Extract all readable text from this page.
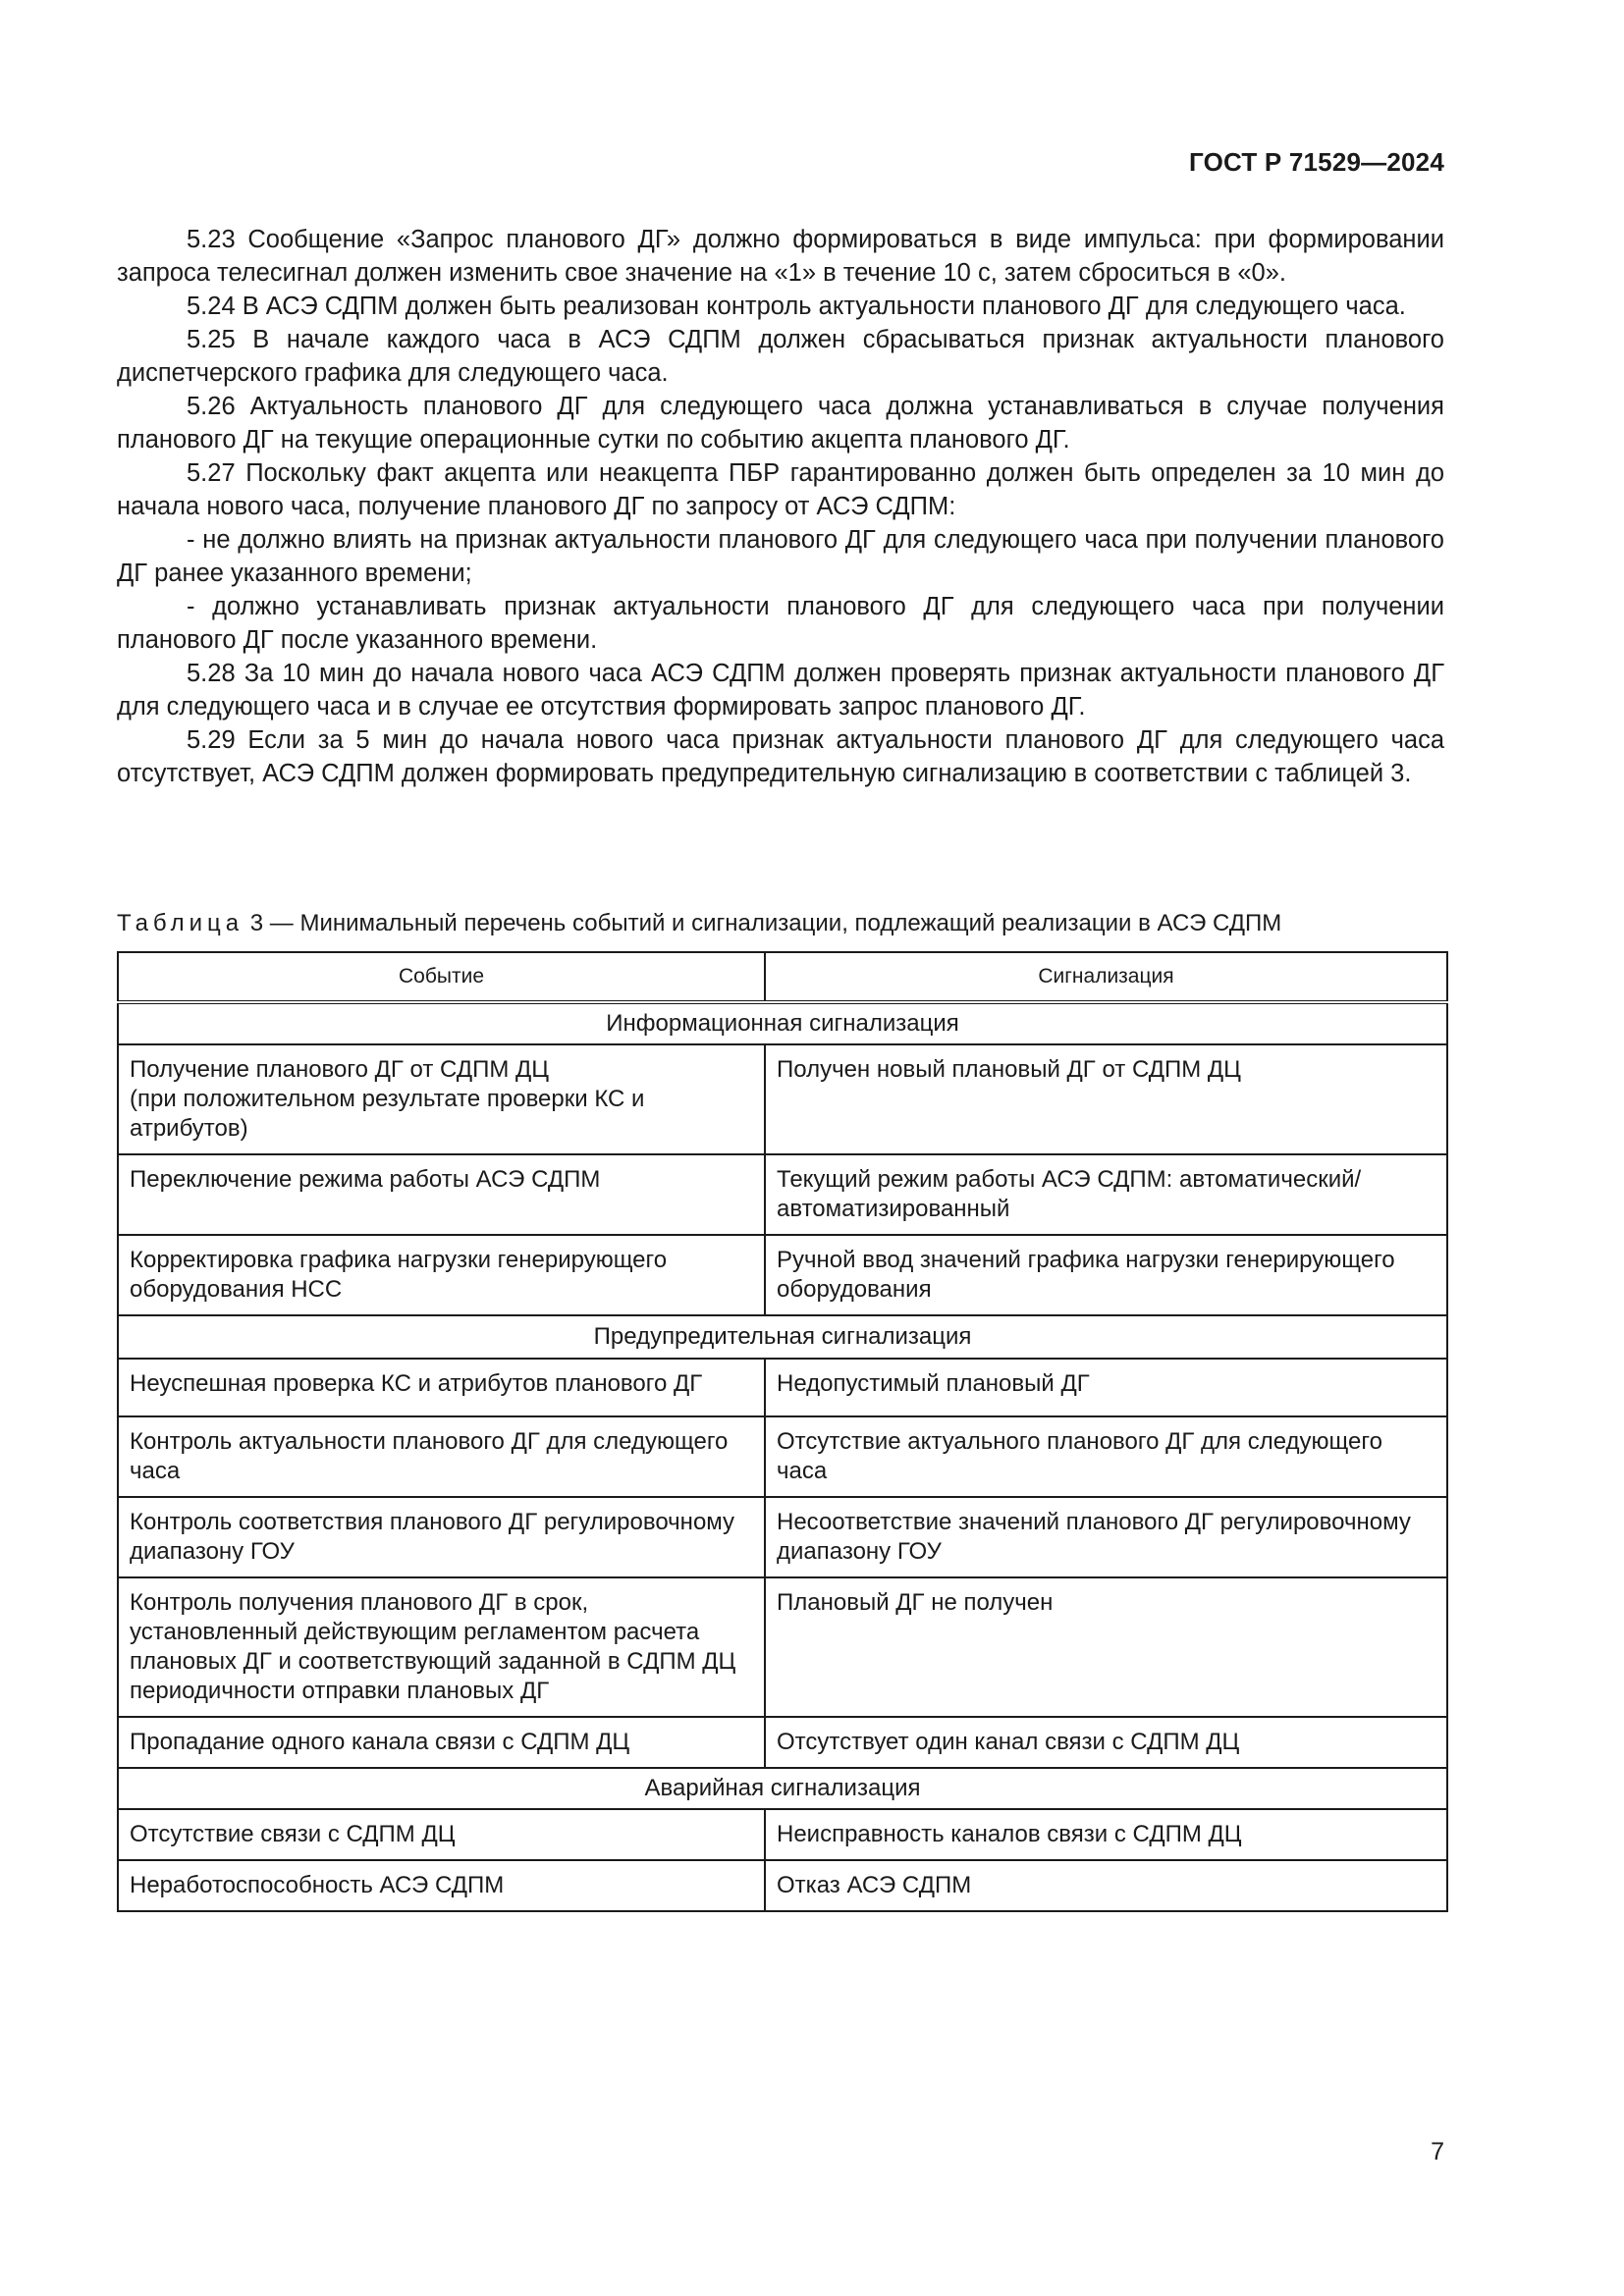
ГОСТ Р 71529—2024

5.23 Сообщение «Запрос планового ДГ» должно формироваться в виде импульса: при формировании запроса телесигнал должен изменить свое значение на «1» в течение 10 с, затем сброситься в «0».

5.24 В АСЭ СДПМ должен быть реализован контроль актуальности планового ДГ для следующего часа.

5.25 В начале каждого часа в АСЭ СДПМ должен сбрасываться признак актуальности планового диспетчерского графика для следующего часа.

5.26 Актуальность планового ДГ для следующего часа должна устанавливаться в случае получения планового ДГ на текущие операционные сутки по событию акцепта планового ДГ.

5.27 Поскольку факт акцепта или неакцепта ПБР гарантированно должен быть определен за 10 мин до начала нового часа, получение планового ДГ по запросу от АСЭ СДПМ:

- не должно влиять на признак актуальности планового ДГ для следующего часа при получении планового ДГ ранее указанного времени;

- должно устанавливать признак актуальности планового ДГ для следующего часа при получении планового ДГ после указанного времени.

5.28 За 10 мин до начала нового часа АСЭ СДПМ должен проверять признак актуальности планового ДГ для следующего часа и в случае ее отсутствия формировать запрос планового ДГ.

5.29 Если за 5 мин до начала нового часа признак актуальности планового ДГ для следующего часа отсутствует, АСЭ СДПМ должен формировать предупредительную сигнализацию в соответствии с таблицей 3.

Таблица 3 — Минимальный перечень событий и сигнализации, подлежащий реализации в АСЭ СДПМ
Событие	Сигнализация
Информационная сигнализация	
Получение планового ДГ от СДПМ ДЦ
(при положительном результате проверки КС и атрибутов)	Получен новый плановый ДГ от СДПМ ДЦ
Переключение режима работы АСЭ СДПМ	Текущий режим работы АСЭ СДПМ: автоматический/ автоматизированный
Корректировка графика нагрузки генерирующего оборудования НСС	Ручной ввод значений графика нагрузки генерирующего оборудования
Предупредительная сигнализация	
Неуспешная проверка КС и атрибутов планового ДГ	Недопустимый плановый ДГ
Контроль актуальности планового ДГ для следующего часа	Отсутствие актуального планового ДГ для следующего часа
Контроль соответствия планового ДГ регулировочному диапазону ГОУ	Несоответствие значений планового ДГ регулировочному диапазону ГОУ
Контроль получения планового ДГ в срок, установленный действующим регламентом расчета плановых ДГ и соответствующий заданной в СДПМ ДЦ периодичности отправки плановых ДГ	Плановый ДГ не получен
Пропадание одного канала связи с СДПМ ДЦ	Отсутствует один канал связи с СДПМ ДЦ
Аварийная сигнализация	
Отсутствие связи с СДПМ ДЦ	Неисправность каналов связи с СДПМ ДЦ
Неработоспособность АСЭ СДПМ	Отказ АСЭ СДПМ
7
